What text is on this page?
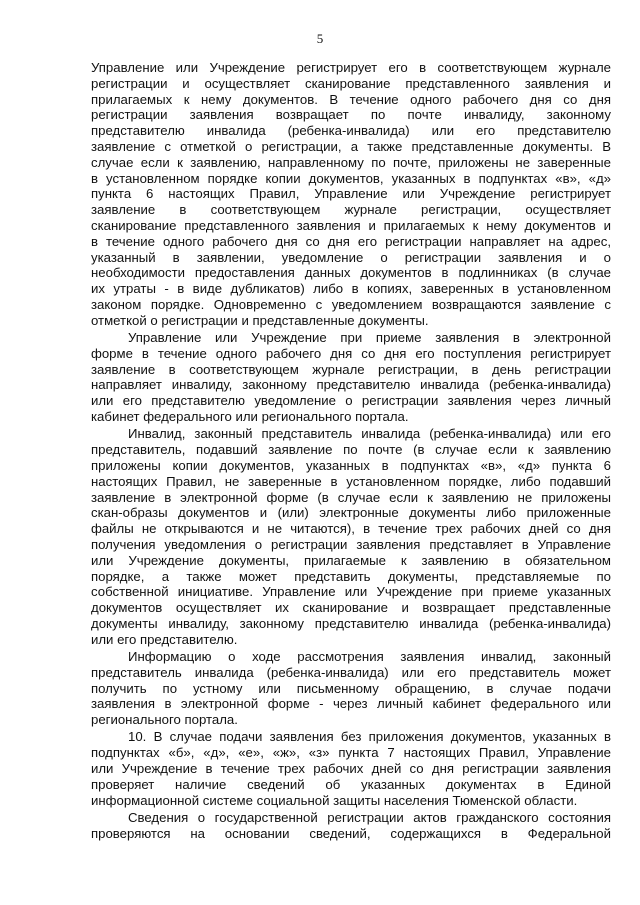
5
Управление или Учреждение регистрирует его в соответствующем журнале
регистрации и осуществляет сканирование представленного заявления и
прилагаемых к нему документов. В течение одного рабочего дня со дня
регистрации заявления возвращает по почте инвалиду, законному
представителю инвалида (ребенка-инвалида) или его представителю
заявление с отметкой о регистрации, а также представленные документы. В
случае если к заявлению, направленному по почте, приложены не заверенные
в установленном порядке копии документов, указанных в подпунктах «в», «д»
пункта 6 настоящих Правил, Управление или Учреждение регистрирует
заявление в соответствующем журнале регистрации, осуществляет
сканирование представленного заявления и прилагаемых к нему документов и
в течение одного рабочего дня со дня его регистрации направляет на адрес,
указанный в заявлении, уведомление о регистрации заявления и о
необходимости предоставления данных документов в подлинниках (в случае
их утраты - в виде дубликатов) либо в копиях, заверенных в установленном
законом порядке. Одновременно с уведомлением возвращаются заявление с
отметкой о регистрации и представленные документы.
Управление или Учреждение при приеме заявления в электронной
форме в течение одного рабочего дня со дня его поступления регистрирует
заявление в соответствующем журнале регистрации, в день регистрации
направляет инвалиду, законному представителю инвалида (ребенка-инвалида)
или его представителю уведомление о регистрации заявления через личный
кабинет федерального или регионального портала.
Инвалид, законный представитель инвалида (ребенка-инвалида) или его
представитель, подавший заявление по почте (в случае если к заявлению
приложены копии документов, указанных в подпунктах «в», «д» пункта 6
настоящих Правил, не заверенные в установленном порядке, либо подавший
заявление в электронной форме (в случае если к заявлению не приложены
скан-образы документов и (или) электронные документы либо приложенные
файлы не открываются и не читаются), в течение трех рабочих дней со дня
получения уведомления о регистрации заявления представляет в Управление
или Учреждение документы, прилагаемые к заявлению в обязательном
порядке, а также может представить документы, представляемые по
собственной инициативе. Управление или Учреждение при приеме указанных
документов осуществляет их сканирование и возвращает представленные
документы инвалиду, законному представителю инвалида (ребенка-инвалида)
или его представителю.
Информацию о ходе рассмотрения заявления инвалид, законный
представитель инвалида (ребенка-инвалида) или его представитель может
получить по устному или письменному обращению, в случае подачи
заявления в электронной форме - через личный кабинет федерального или
регионального портала.
10. В случае подачи заявления без приложения документов, указанных в
подпунктах «б», «д», «е», «ж», «з» пункта 7 настоящих Правил, Управление
или Учреждение в течение трех рабочих дней со дня регистрации заявления
проверяет наличие сведений об указанных документах в Единой
информационной системе социальной защиты населения Тюменской области.
Сведения о государственной регистрации актов гражданского состояния
проверяются на основании сведений, содержащихся в Федеральной
